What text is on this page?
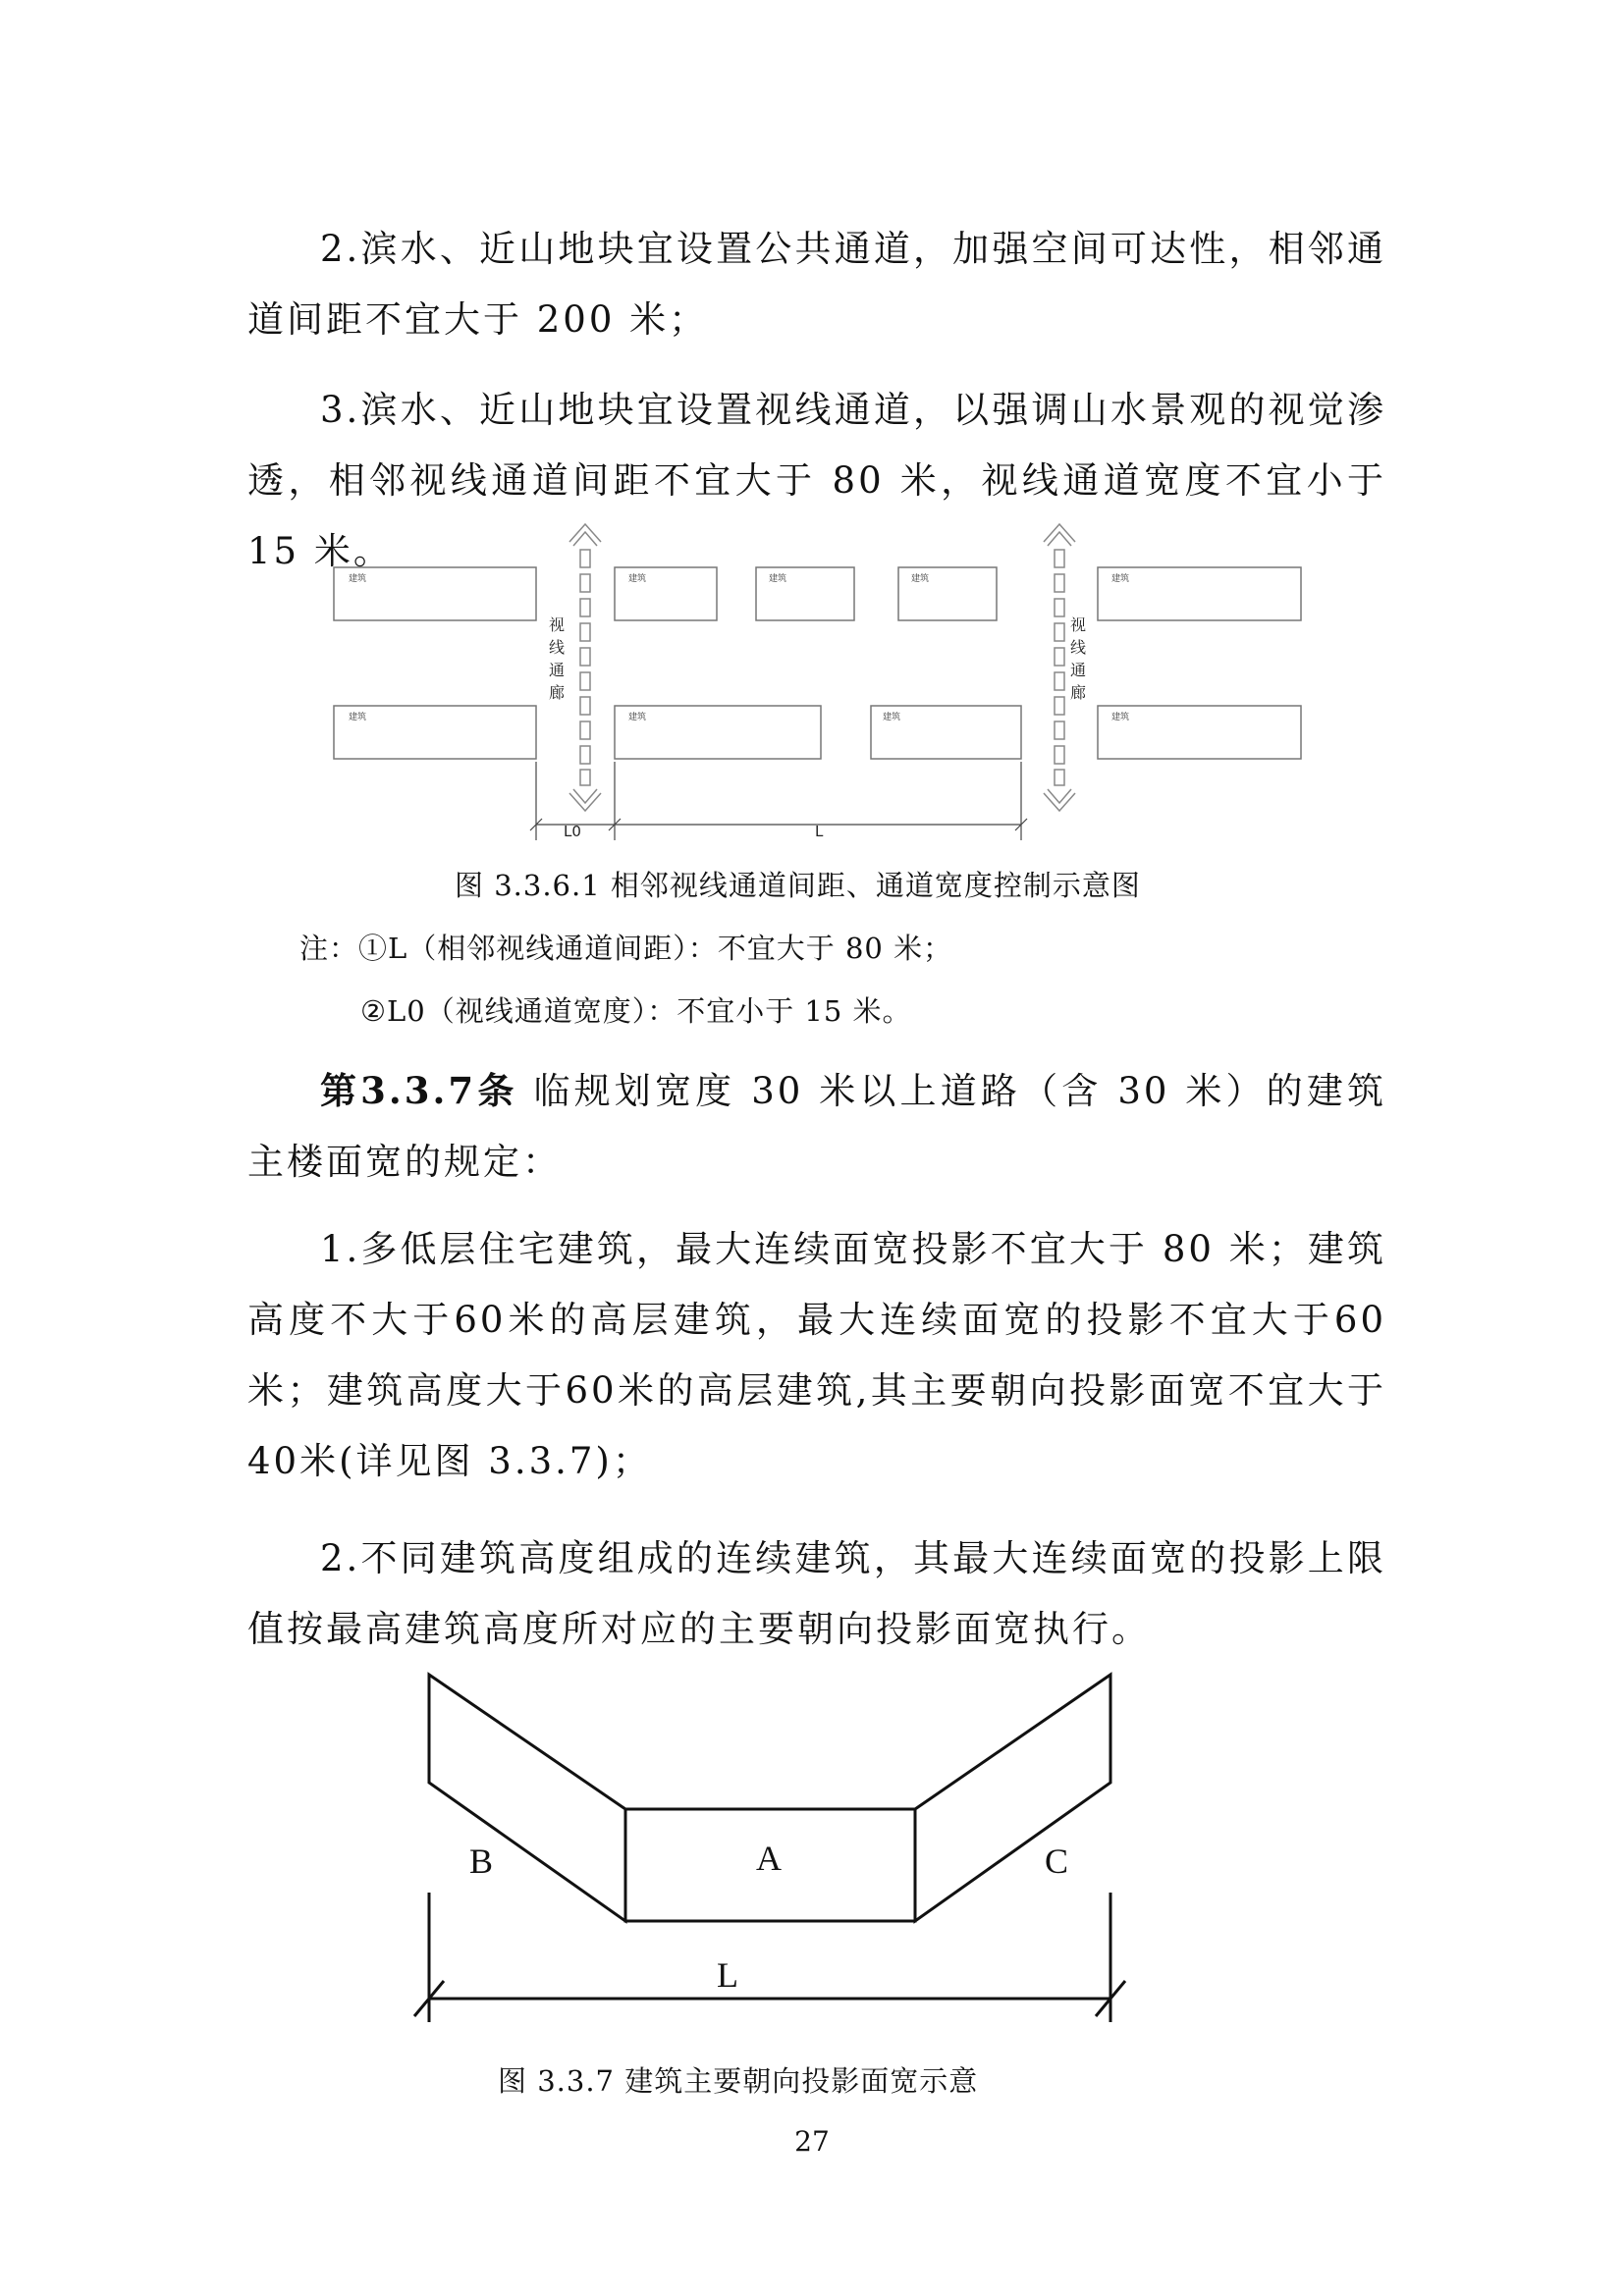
2.滨水、近山地块宜设置公共通道，加强空间可达性，相邻通道间距不宜大于 200 米；

3.滨水、近山地块宜设置视线通道，以强调山水景观的视觉渗透，相邻视线通道间距不宜大于 80 米，视线通道宽度不宜小于 15 米。

建筑	建筑	建筑	建筑	建筑
建筑	建筑	建筑	建筑
视
线
通
廊
视
线
通
廊
L0	L
A
B	C
L
图 3.3.6.1 相邻视线通道间距、通道宽度控制示意图
注：①L（相邻视线通道间距）：不宜大于 80 米；
②L0（视线通道宽度）：不宜小于 15 米。

第3.3.7条 临规划宽度 30 米以上道路（含 30 米）的建筑主楼面宽的规定：

1.多低层住宅建筑，最大连续面宽投影不宜大于 80 米；建筑高度不大于60米的高层建筑，最大连续面宽的投影不宜大于60米；建筑高度大于60米的高层建筑,其主要朝向投影面宽不宜大于40米(详见图 3.3.7)；

2.不同建筑高度组成的连续建筑，其最大连续面宽的投影上限值按最高建筑高度所对应的主要朝向投影面宽执行。

图 3.3.7 建筑主要朝向投影面宽示意
27
